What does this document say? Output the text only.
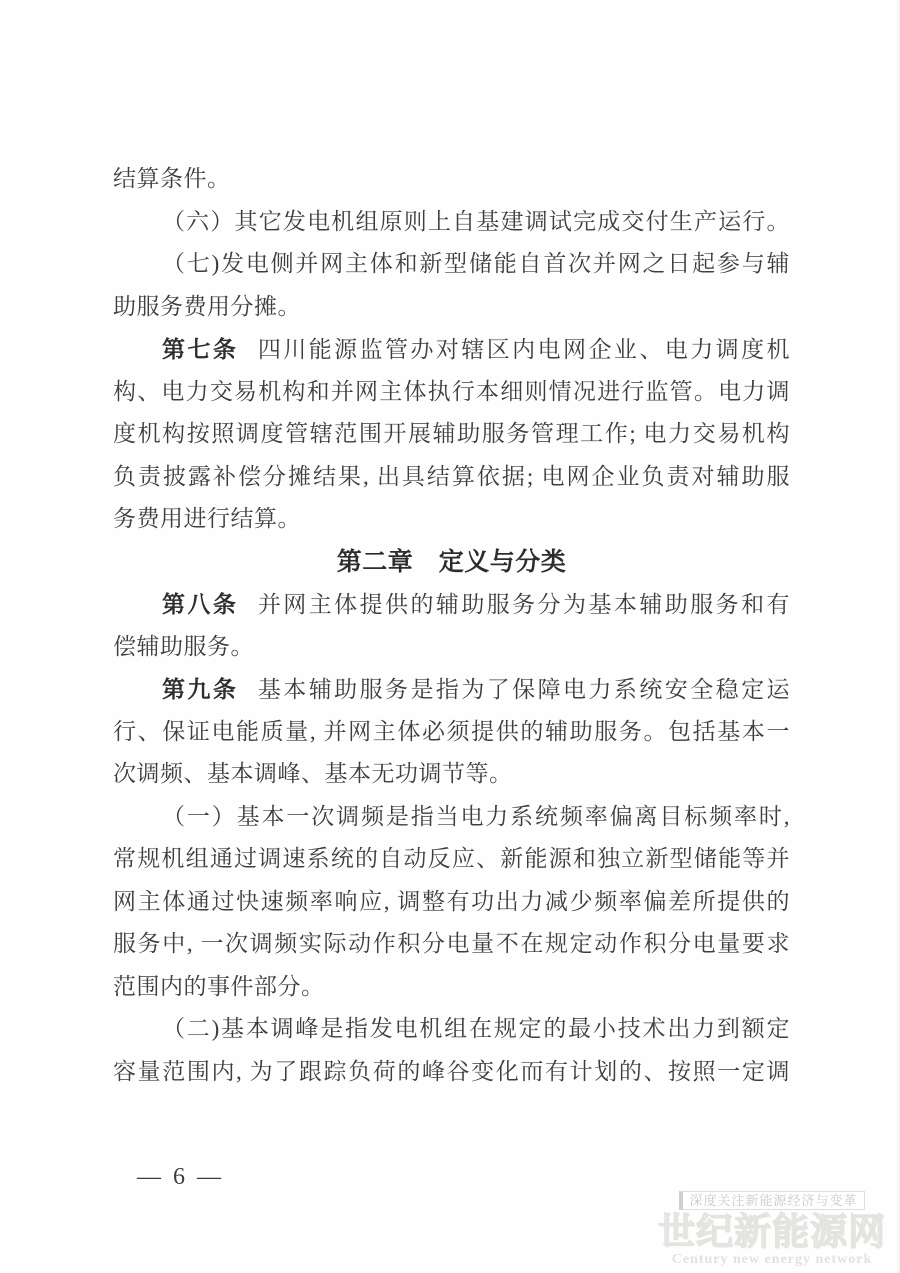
结算条件。
（六）其它发电机组原则上自基建调试完成交付生产运行。
（七)发电侧并网主体和新型储能自首次并网之日起参与辅
助服务费用分摊。
第七条 四川能源监管办对辖区内电网企业、电力调度机
构、电力交易机构和并网主体执行本细则情况进行监管。电力调
度机构按照调度管辖范围开展辅助服务管理工作; 电力交易机构
负责披露补偿分摊结果, 出具结算依据; 电网企业负责对辅助服
务费用进行结算。
第二章　定义与分类
第八条 并网主体提供的辅助服务分为基本辅助服务和有
偿辅助服务。
第九条 基本辅助服务是指为了保障电力系统安全稳定运
行、保证电能质量, 并网主体必须提供的辅助服务。包括基本一
次调频、基本调峰、基本无功调节等。
（一）基本一次调频是指当电力系统频率偏离目标频率时,
常规机组通过调速系统的自动反应、新能源和独立新型储能等并
网主体通过快速频率响应, 调整有功出力减少频率偏差所提供的
服务中, 一次调频实际动作积分电量不在规定动作积分电量要求
范围内的事件部分。
（二)基本调峰是指发电机组在规定的最小技术出力到额定
容量范围内, 为了跟踪负荷的峰谷变化而有计划的、按照一定调
— 6 —
深度关注新能源经济与变革
世纪新能源网
Century new energy network
